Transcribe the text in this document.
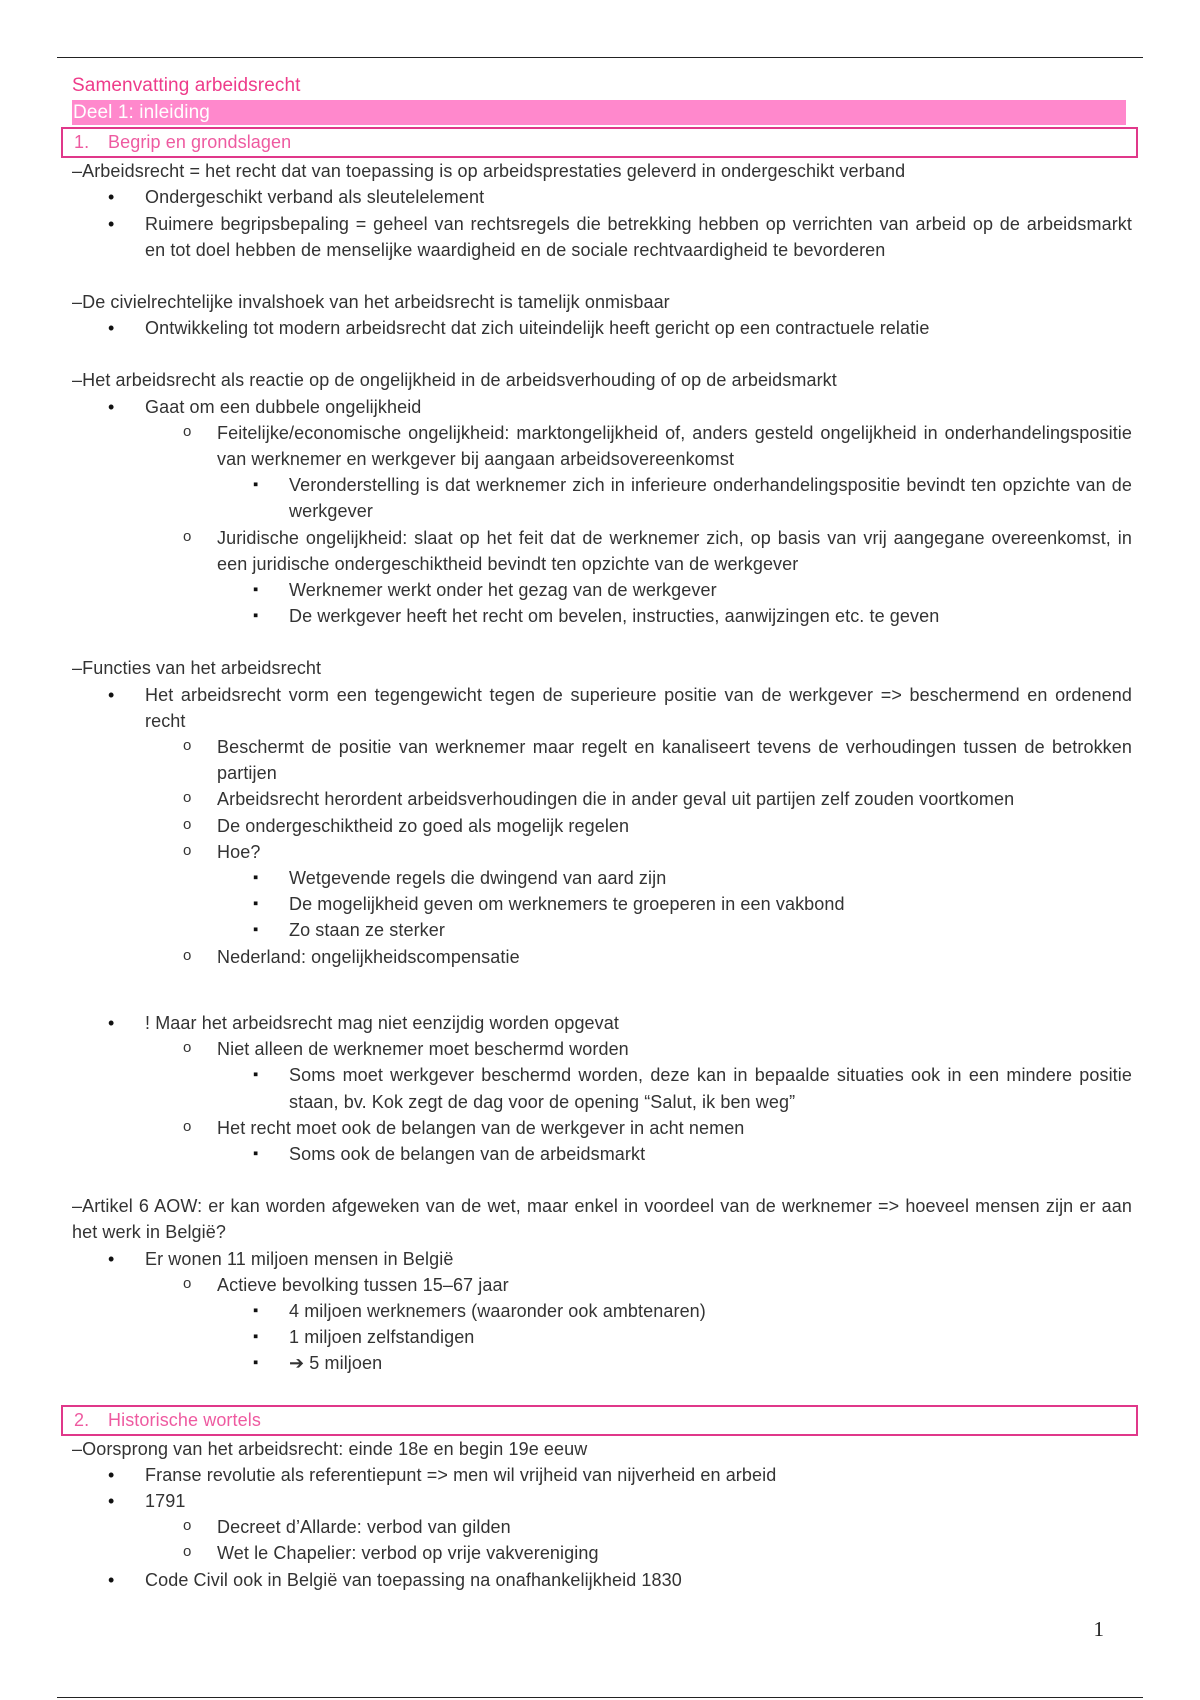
Samenvatting arbeidsrecht
Deel 1: inleiding
1. Begrip en grondslagen

–Arbeidsrecht = het recht dat van toepassing is op arbeidsprestaties geleverd in ondergeschikt verband

• Ondergeschikt verband als sleutelelement
• Ruimere begripsbepaling = geheel van rechtsregels die betrekking hebben op verrichten van arbeid op de arbeidsmarkt en tot doel hebben de menselijke waardigheid en de sociale rechtvaardigheid te bevorderen

–De civielrechtelijke invalshoek van het arbeidsrecht is tamelijk onmisbaar

• Ontwikkeling tot modern arbeidsrecht dat zich uiteindelijk heeft gericht op een contractuele relatie

–Het arbeidsrecht als reactie op de ongelijkheid in de arbeidsverhouding of op de arbeidsmarkt

• Gaat om een dubbele ongelijkheid
o Feitelijke/economische ongelijkheid: marktongelijkheid of, anders gesteld ongelijkheid in onderhandelingspositie van werknemer en werkgever bij aangaan arbeidsovereenkomst
▪ Veronderstelling is dat werknemer zich in inferieure onderhandelingspositie bevindt ten opzichte van de werkgever
o Juridische ongelijkheid: slaat op het feit dat de werknemer zich, op basis van vrij aangegane overeenkomst, in een juridische ondergeschiktheid bevindt ten opzichte van de werkgever
▪ Werknemer werkt onder het gezag van de werkgever
▪ De werkgever heeft het recht om bevelen, instructies, aanwijzingen etc. te geven

–Functies van het arbeidsrecht

• Het arbeidsrecht vorm een tegengewicht tegen de superieure positie van de werkgever => beschermend en ordenend recht
o Beschermt de positie van werknemer maar regelt en kanaliseert tevens de verhoudingen tussen de betrokken partijen
o Arbeidsrecht herordent arbeidsverhoudingen die in ander geval uit partijen zelf zouden voortkomen
o De ondergeschiktheid zo goed als mogelijk regelen
o Hoe?
▪ Wetgevende regels die dwingend van aard zijn
▪ De mogelijkheid geven om werknemers te groeperen in een vakbond
▪ Zo staan ze sterker
o Nederland: ongelijkheidscompensatie
• ! Maar het arbeidsrecht mag niet eenzijdig worden opgevat
o Niet alleen de werknemer moet beschermd worden
▪ Soms moet werkgever beschermd worden, deze kan in bepaalde situaties ook in een mindere positie staan, bv. Kok zegt de dag voor de opening “Salut, ik ben weg”
o Het recht moet ook de belangen van de werkgever in acht nemen
▪ Soms ook de belangen van de arbeidsmarkt

–Artikel 6 AOW: er kan worden afgeweken van de wet, maar enkel in voordeel van de werknemer => hoeveel mensen zijn er aan het werk in België?

• Er wonen 11 miljoen mensen in België
o Actieve bevolking tussen 15–67 jaar
▪ 4 miljoen werknemers (waaronder ook ambtenaren)
▪ 1 miljoen zelfstandigen
▪ ➔ 5 miljoen
2. Historische wortels

–Oorsprong van het arbeidsrecht: einde 18e en begin 19e eeuw

• Franse revolutie als referentiepunt => men wil vrijheid van nijverheid en arbeid
• 1791
o Decreet d’Allarde: verbod van gilden
o Wet le Chapelier: verbod op vrije vakvereniging
• Code Civil ook in België van toepassing na onafhankelijkheid 1830
1
